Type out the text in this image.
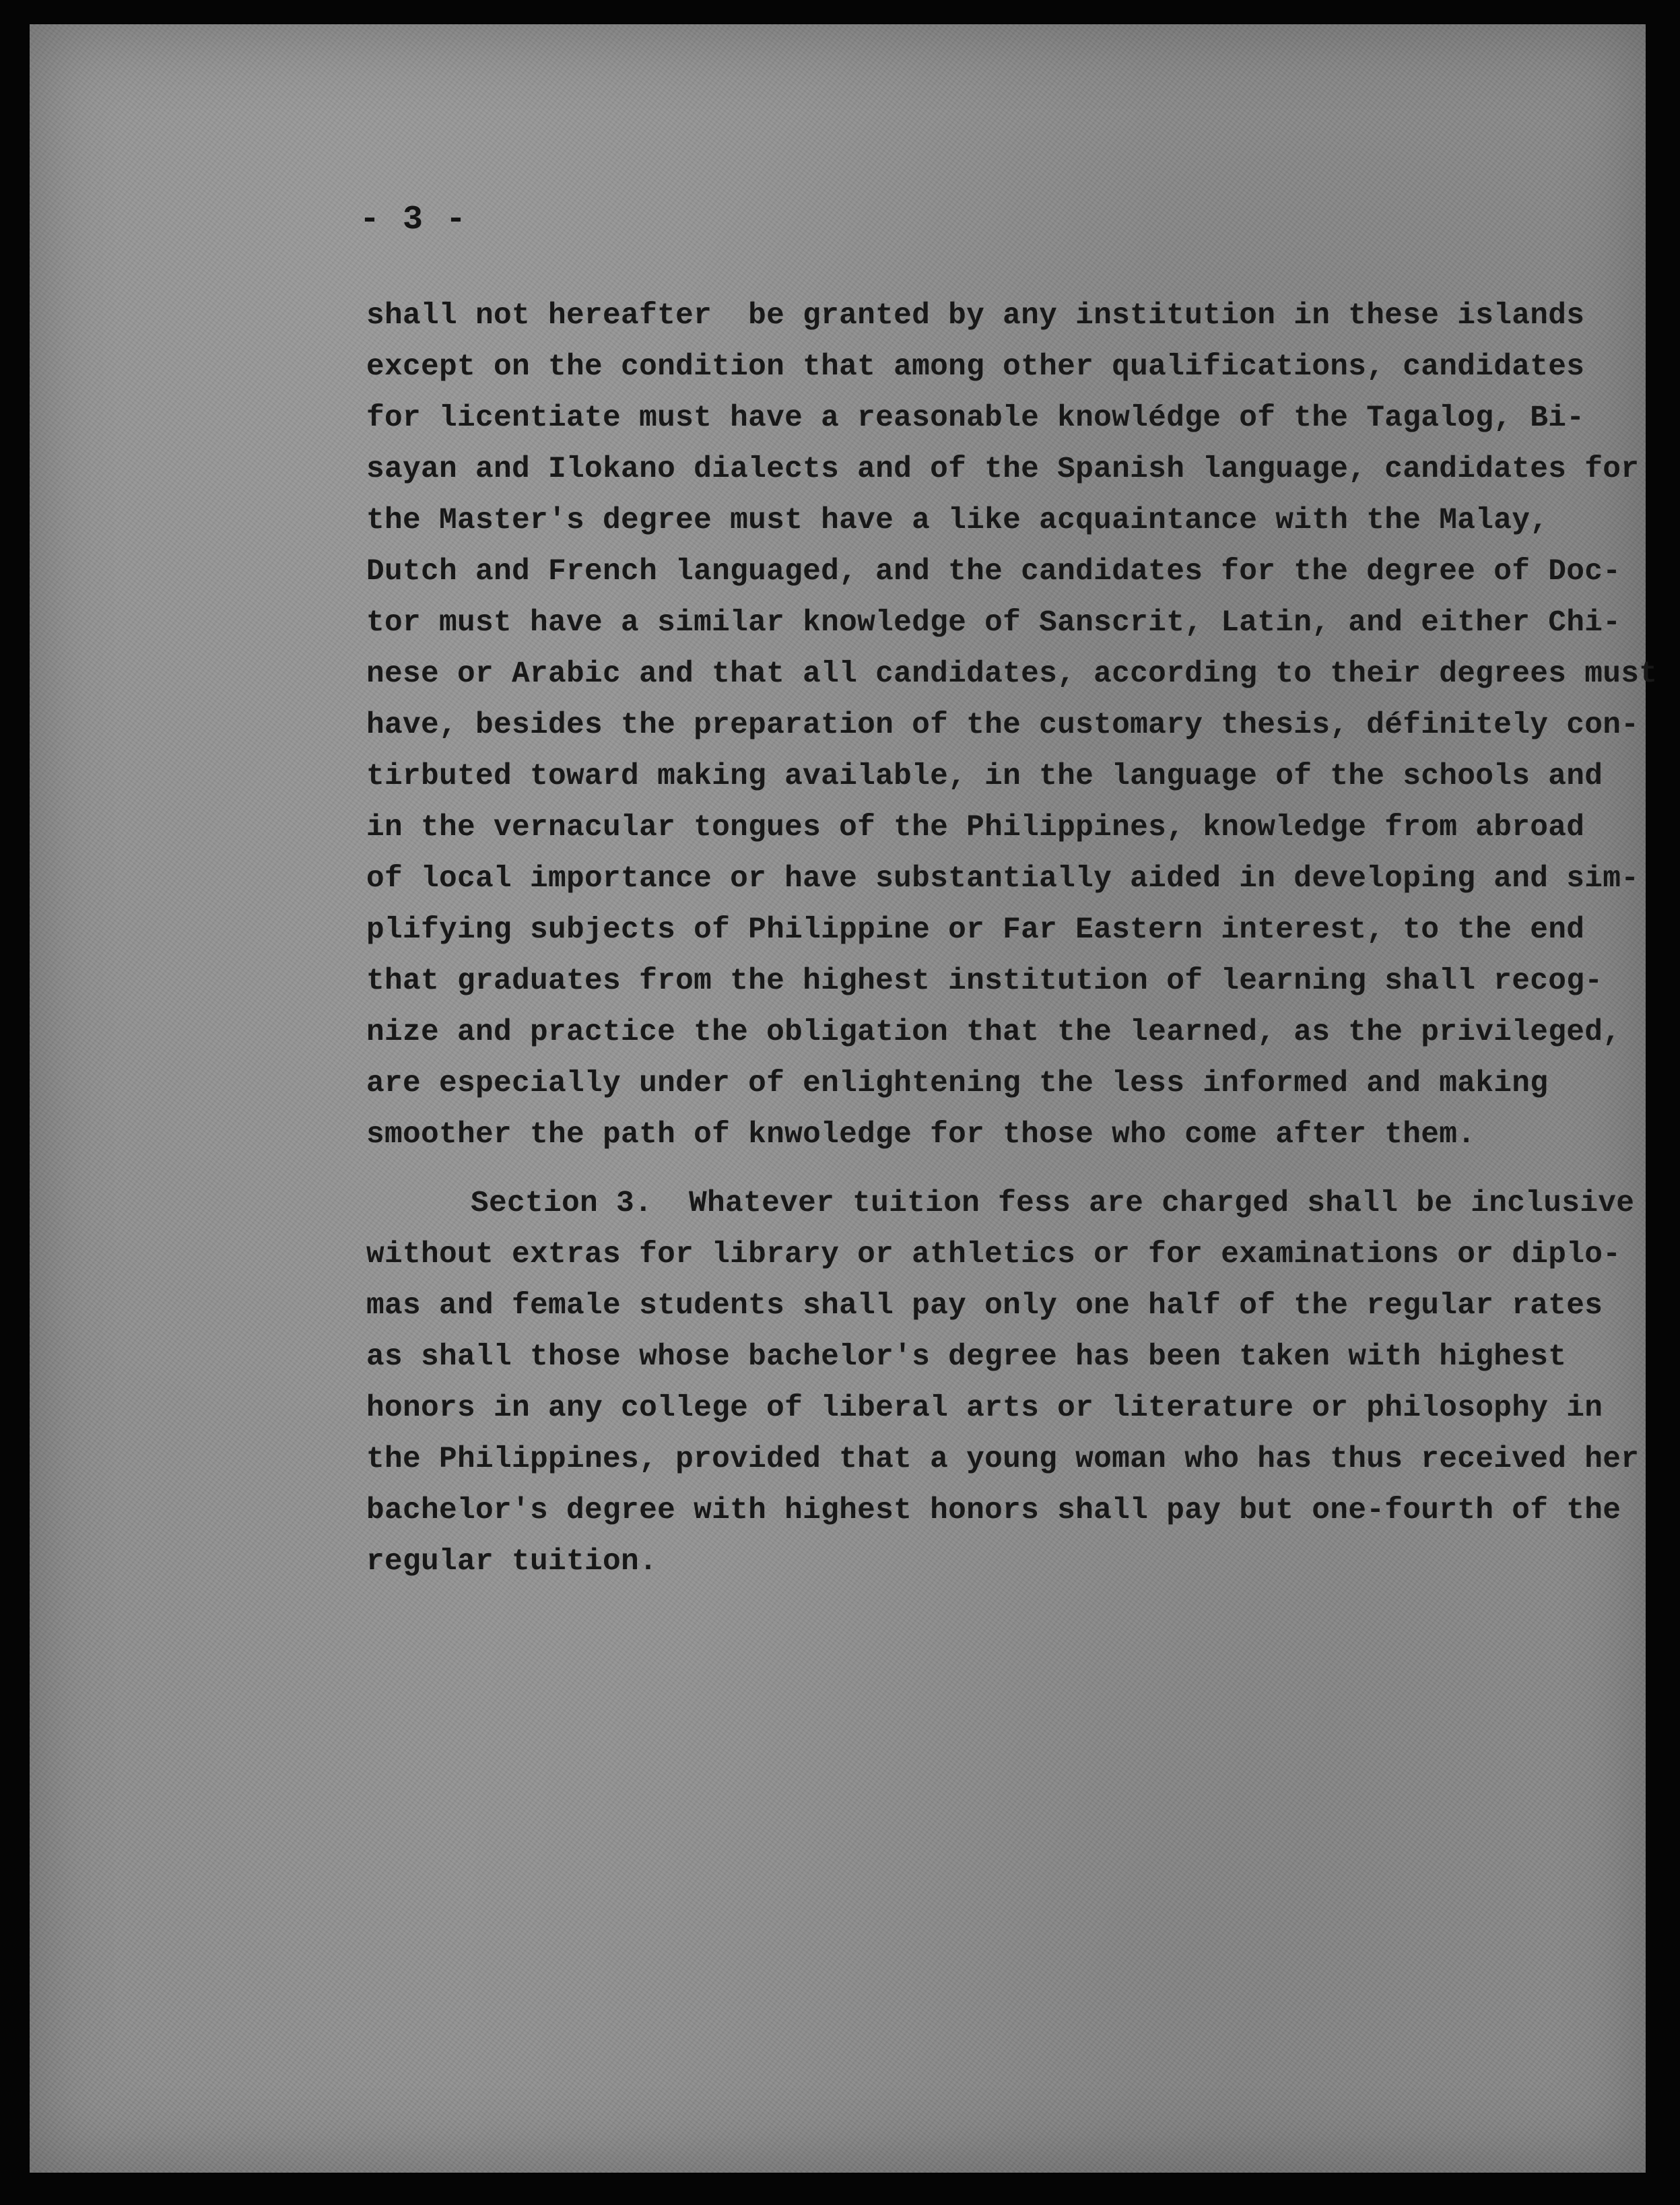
- 3 -
shall not hereafter  be granted by any institution in these islands
except on the condition that among other qualifications, candidates
for licentiate must have a reasonable knowlédge of the Tagalog, Bi-
sayan and Ilokano dialects and of the Spanish language, candidates for
the Master's degree must have a like acquaintance with the Malay,
Dutch and French languaged, and the candidates for the degree of Doc-
tor must have a similar knowledge of Sanscrit, Latin, and either Chi-
nese or Arabic and that all candidates, according to their degrees must
have, besides the preparation of the customary thesis, définitely con-
tirbuted toward making available, in the language of the schools and
in the vernacular tongues of the Philippines, knowledge from abroad
of local importance or have substantially aided in developing and sim-
plifying subjects of Philippine or Far Eastern interest, to the end
that graduates from the highest institution of learning shall recog-
nize and practice the obligation that the learned, as the privileged,
are especially under of enlightening the less informed and making
smoother the path of knwoledge for those who come after them.
Section 3.  Whatever tuition fess are charged shall be inclusive
without extras for library or athletics or for examinations or diplo-
mas and female students shall pay only one half of the regular rates
as shall those whose bachelor's degree has been taken with highest
honors in any college of liberal arts or literature or philosophy in
the Philippines, provided that a young woman who has thus received her
bachelor's degree with highest honors shall pay but one-fourth of the
regular tuition.
